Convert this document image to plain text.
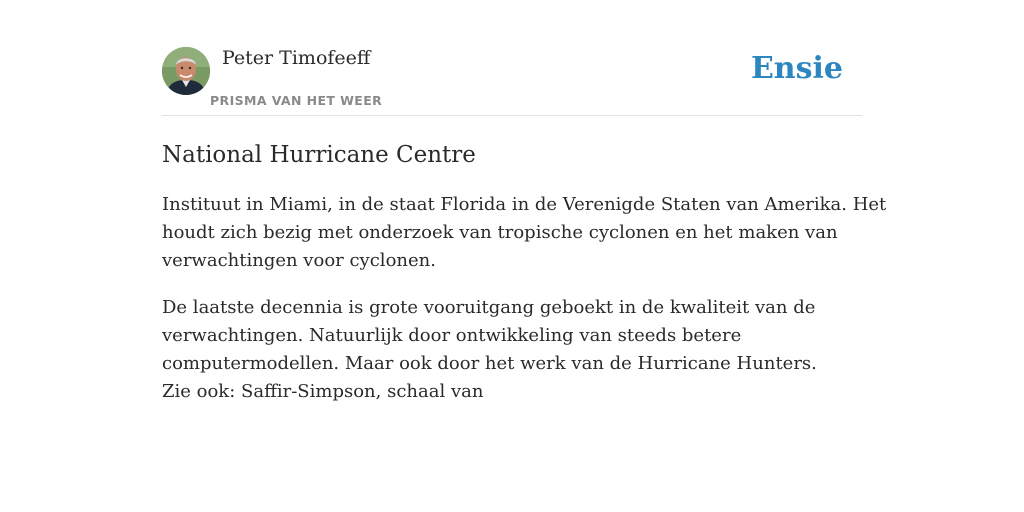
Peter Timofeeff
PRISMA VAN HET WEER
Ensie
National Hurricane Centre

Instituut in Miami, in de staat Florida in de Verenigde Staten van Amerika. Het
houdt zich bezig met onderzoek van tropische cyclonen en het maken van
verwachtingen voor cyclonen.

De laatste decennia is grote vooruitgang geboekt in de kwaliteit van de
verwachtingen. Natuurlijk door ontwikkeling van steeds betere
computermodellen. Maar ook door het werk van de Hurricane Hunters.
Zie ook: Saffir-Simpson, schaal van
